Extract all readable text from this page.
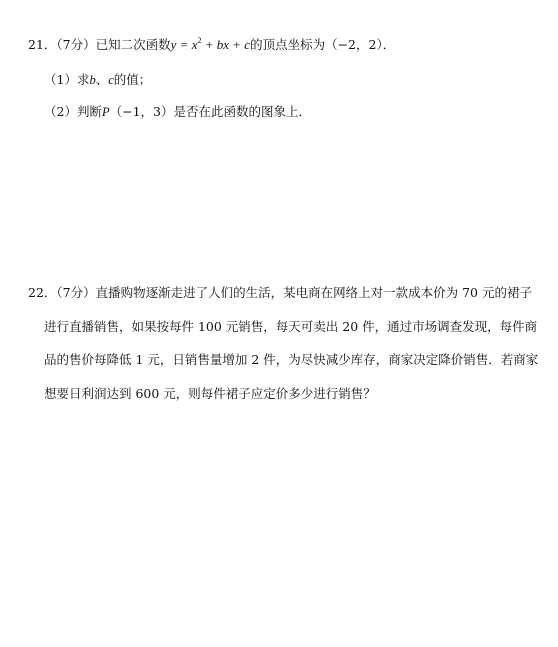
21．（7分）已知二次函数$y = x^2$ + bx + c的顶点坐标为（−2，2）．
（1）求b、c的值；
（2）判断P（−1，3）是否在此函数的图象上．
22．（7分）直播购物逐渐走进了人们的生活，某电商在网络上对一款成本价为 70 元的裙子
进行直播销售，如果按每件 100 元销售，每天可卖出 20 件，通过市场调查发现，每件商
品的售价每降低 1 元，日销售量增加 2 件，为尽快减少库存，商家决定降价销售．若商家
想要日利润达到 600 元，则每件裙子应定价多少进行销售？
